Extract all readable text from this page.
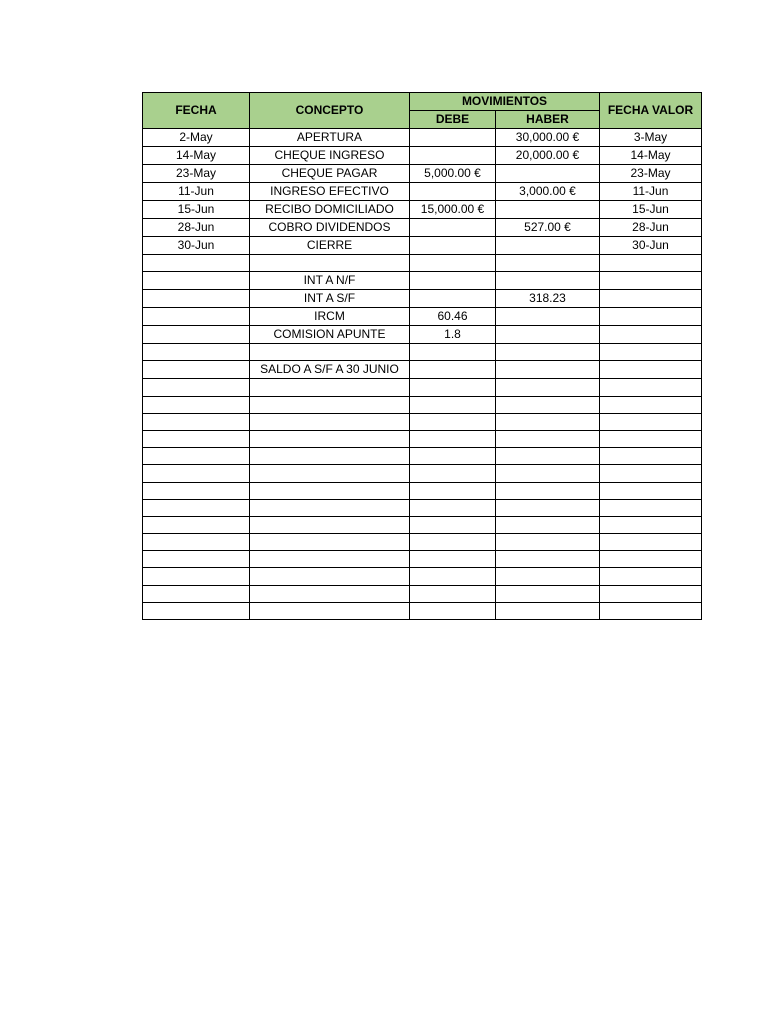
FECHA	CONCEPTO	MOVIMIENTOS		FECHA VALOR
		DEBE	HABER	
2-May	APERTURA		30,000.00 €	3-May
14-May	CHEQUE INGRESO		20,000.00 €	14-May
23-May	CHEQUE PAGAR	5,000.00 €		23-May
11-Jun	INGRESO EFECTIVO		3,000.00 €	11-Jun
15-Jun	RECIBO DOMICILIADO	15,000.00 €		15-Jun
28-Jun	COBRO DIVIDENDOS		527.00 €	28-Jun
30-Jun	CIERRE			30-Jun

	INT A N/F			
	INT A S/F		318.23	
	IRCM	60.46		
	COMISION APUNTE	1.8		

	SALDO A S/F A 30 JUNIO			
